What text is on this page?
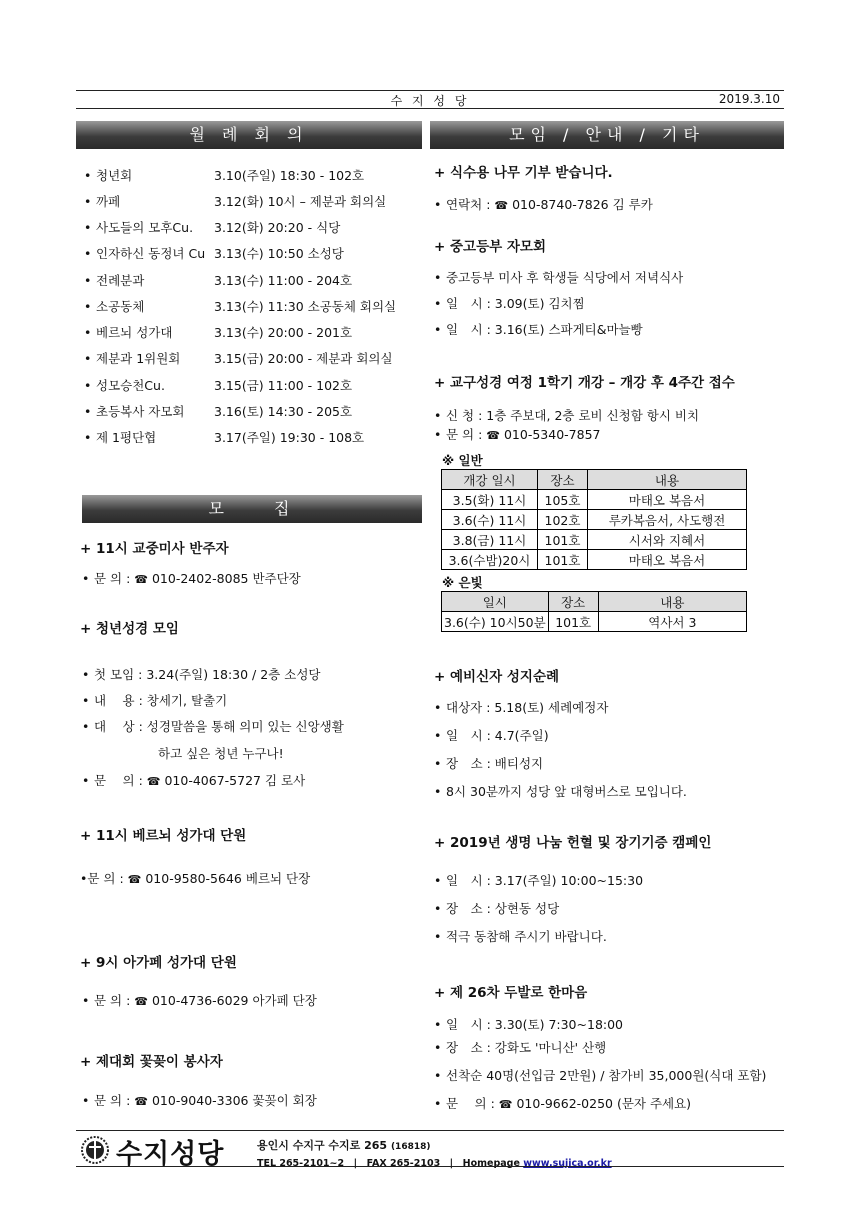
수 지 성 당	2019.3.10
월 례 회 의
• 청년회	3.10(주일) 18:30 - 102호
• 까페	3.12(화) 10시 – 제분과 회의실
• 사도들의 모후Cu. 3.12(화) 20:20 - 식당
• 인자하신 동정녀 Cu 3.13(수) 10:50 소성당
• 전례분과	3.13(수) 11:00 - 204호
• 소공동체	3.13(수) 11:30 소공동체 회의실
• 베르뇌 성가대	3.13(수) 20:00 - 201호
• 제분과 1위원회	3.15(금) 20:00 - 제분과 회의실
• 성모승천Cu.	3.15(금) 11:00 - 102호
• 초등복사 자모회 3.16(토) 14:30 - 205호
• 제 1평단협	3.17(주일) 19:30 - 108호
모　　집
+ 11시 교중미사 반주자
• 문 의 : ☎ 010-2402-8085 반주단장
+ 청년성경 모임
• 첫 모임 : 3.24(주일) 18:30 / 2층 소성당
• 내　 용 : 창세기, 탈출기
• 대　 상 : 성경말씀을 통해 의미 있는 신앙생활
하고 싶은 청년 누구나!
• 문　 의 : ☎ 010-4067-5727 김 로사
+ 11시 베르뇌 성가대 단원
•문 의 : ☎ 010-9580-5646 베르뇌 단장
+ 9시 아가페 성가대 단원
• 문 의 : ☎ 010-4736-6029 아가페 단장
+ 제대회 꽃꽂이 봉사자
• 문 의 : ☎ 010-9040-3306 꽃꽂이 회장
모임 / 안내 / 기타
+ 식수용 나무 기부 받습니다.
• 연락처 : ☎ 010-8740-7826 김 루카
+ 중고등부 자모회
• 중고등부 미사 후 학생들 식당에서 저녁식사
• 일　시 : 3.09(토) 김치찜
• 일　시 : 3.16(토) 스파게티&마늘빵
+ 교구성경 여정 1학기 개강 – 개강 후 4주간 접수
• 신 청 : 1층 주보대, 2층 로비 신청함 항시 비치
• 문 의 : ☎ 010-5340-7857
※ 일반
개강 일시	장소	내용
3.5(화) 11시	105호	마태오 복음서
3.6(수) 11시	102호	루카복음서, 사도행전
3.8(금) 11시	101호	시서와 지혜서
3.6(수밤)20시	101호	마태오 복음서
※ 은빛
일시	장소	내용
3.6(수) 10시50분	101호	역사서 3
+ 예비신자 성지순례
• 대상자 : 5.18(토) 세례예정자
• 일　시 : 4.7(주일)
• 장　소 : 배티성지
• 8시 30분까지 성당 앞 대형버스로 모입니다.
+ 2019년 생명 나눔 헌혈 및 장기기증 캠페인
• 일　시 : 3.17(주일) 10:00~15:30
• 장　소 : 상현동 성당
• 적극 동참해 주시기 바랍니다.
+ 제 26차 두발로 한마음
• 일　시 : 3.30(토) 7:30~18:00
• 장　소 : 강화도 '마니산' 산행
• 선착순 40명(선입금 2만원) / 참가비 35,000원(식대 포함)
• 문　 의 : ☎ 010-9662-0250 (문자 주세요)
수지성당	용인시 수지구 수지로 265 (16818)
TEL 265-2101~2　|　FAX 265-2103　|　Homepage www.sujica.or.kr
